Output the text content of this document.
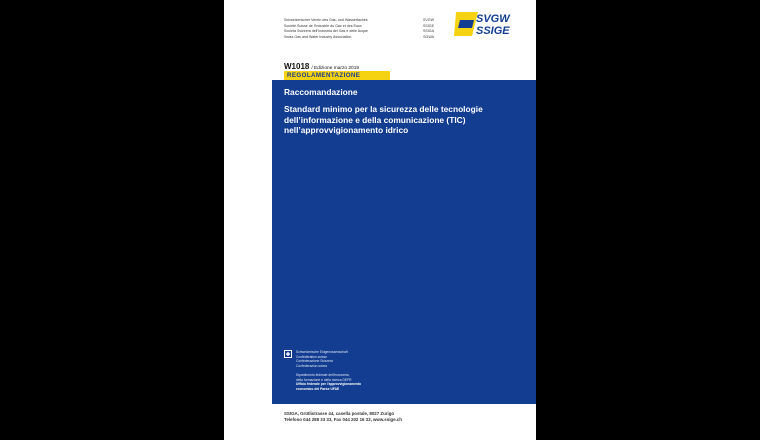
Schweizerischer Verein des Gas- und Wasserfaches	SVGW
Société Suisse de l’Industrie du Gaz et des Eaux	SSIGE
Società Svizzera dell’Industria del Gas e delle Acque	SSIGA
Swiss Gas and Water Industry Association	SGWA
SVGW
SSIGE
W1018 / Edizione marzo 2019
REGOLAMENTAZIONE
Raccomandazione
Standard minimo per la sicurezza delle tecnologie dell’informazione e della comunicazione (TIC) nell’approvvigionamento idrico
Schweizerische Eidgenossenschaft
Confédération suisse
Confederazione Svizzera
Confederaziun svizra
Dipartimento federale dell’economia,
della formazione e della ricerca DEFR
Ufficio federale per l’approvvigionamento
economico del Paese UFAE
SSIGA, Grütlistrasse 44, casella postale, 8027 Zurigo
Telefono 044 288 33 33, Fax 044 202 16 33, www.ssige.ch
